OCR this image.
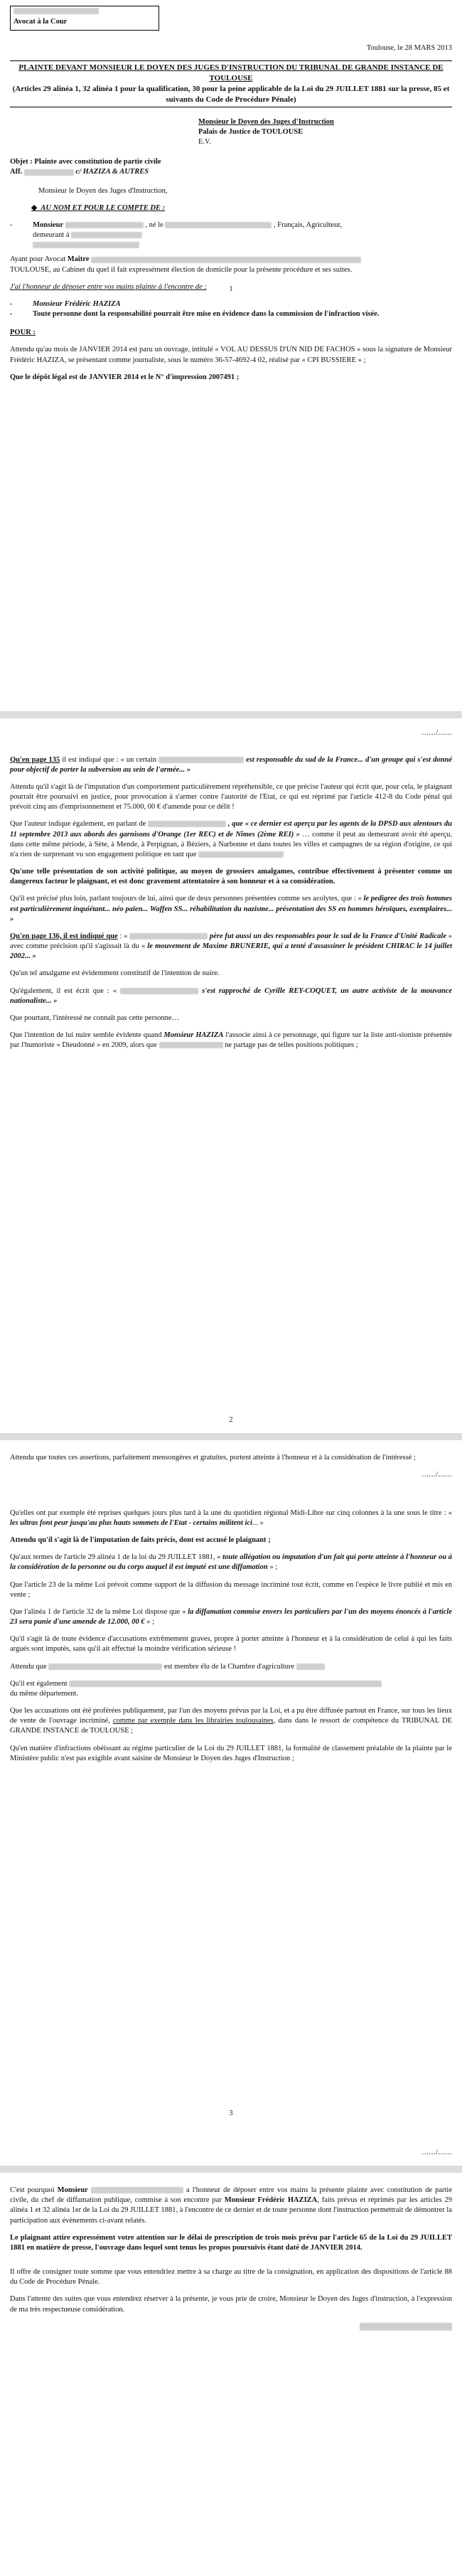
Avocat à la Cour

Toulouse, le 28 MARS 2013

PLAINTE DEVANT MONSIEUR LE DOYEN DES JUGES D'INSTRUCTION DU TRIBUNAL DE GRANDE INSTANCE DE TOULOUSE
(Articles 29 alinéa 1, 32 alinéa 1 pour la qualification, 30 pour la peine applicable de la Loi du 29 JUILLET 1881 sur la presse, 85 et suivants du Code de Procédure Pénale)
Monsieur le Doyen des Juges d'Instruction
Palais de Justice de TOULOUSE
E.V.
Objet : Plainte avec constitution de partie civile
Aff.	c/ HAZIZA & AUTRES

Monsieur le Doyen des Juges d'Instruction,

◆  AU NOM ET POUR LE COMPTE DE :

-	Monsieur	, né le	, Français, Agriculteur,
demeurant à

Ayant pour Avocat Maître
TOULOUSE, au Cabinet du quel il fait expressément élection de domicile pour la présente procédure et ses suites.

J'ai l'honneur de déposer entre vos mains plainte à l'encontre de :

-	Monsieur Frédéric HAZIZA
-	Toute personne dont la responsabilité pourrait être mise en évidence dans la commission de l'infraction visée.

POUR :

Attendu qu'au mois de JANVIER 2014 est paru un ouvrage, intitulé « VOL AU DESSUS D'UN NID DE FACHOS » sous la signature de Monsieur Frédéric HAZIZA, se présentant comme journaliste, sous le numéro 36-57-4692-4 02, réalisé par « CPI BUSSIERE » ;

Que le dépôt légal est de JANVIER 2014 et le N° d'impression 2007491 ;

1
……/……

Qu'en page 135 il est indiqué que : « un certain	est responsable du sud de la France... d'un groupe qui s'est donné pour objectif de porter la subversion au sein de l'armée... »

Attendu qu'il s'agit là de l'imputation d'un comportement particulièrement répréhensible, ce que précise l'auteur qui écrit que, pour cela, le plaignant pourrait être poursuivi en justice, pour provocation à s'armer contre l'autorité de l'Etat, ce qui est réprimé par l'article 412-8 du Code pénal qui prévoit cinq ans d'emprisonnement et 75.000, 00 € d'amende pour ce délit !

Que l'auteur indique également, en parlant de	, que « ce dernier est aperçu par les agents de la DPSD aux alentours du 11 septembre 2013 aux abords des garnisons d'Orange (1er REC) et de Nîmes (2ème REI) » … comme il peut au demeurant avoir été aperçu, dans cette même période, à Sète, à Mende, à Perpignan, à Béziers, à Narbonne et dans toutes les villes et campagnes de sa région d'origine, ce qui n'a rien de surprenant vu son engagement politique en tant que

Qu'une telle présentation de son activité politique, au moyen de grossiers amalgames, contribue effectivement à présenter comme un dangereux facteur le plaignant, et est donc gravement attentatoire à son honneur et à sa considération.

Qu'il est précisé plus loin, parlant toujours de lui, ainsi que de deux personnes présentées comme ses acolytes, que : « le pedigree des trois hommes est particulièrement inquiétant... néo païen... Waffen SS... réhabilitation du nazisme... présentation des SS en hommes héroïques, exemplaires... »

Qu'en page 136, il est indiqué que : «	père fut aussi un des responsables pour le sud de la France d'Unité Radicale » avec comme précision qu'il s'agissait là du « le mouvement de Maxime BRUNERIE, qui a tenté d'assassiner le président CHIRAC le 14 juillet 2002... »

Qu'un tel amalgame est évidemment constitutif de l'intention de nuire.

Qu'également, il est écrit que : «	s'est rapproché de Cyrille REY-COQUET, un autre activiste de la mouvance nationaliste... »

Que pourtant, l'intéressé ne connaît pas cette personne…

Que l'intention de lui nuire semble évidente quand Monsieur HAZIZA l'associe ainsi à ce personnage, qui figure sur la liste anti-sioniste présentée par l'humoriste « Dieudonné » en 2009, alors que	ne partage pas de telles positions politiques ;

2

Attendu que toutes ces assertions, parfaitement mensongères et gratuites, portent atteinte à l'honneur et à la considération de l'intéressé ;

……/……

Qu'elles ont par exemple été reprises quelques jours plus tard à la une du quotidien régional Midi-Libre sur cinq colonnes à la une sous le titre : « les ultras font peur jusqu'au plus hauts sommets de l'Etat - certains militent ici... »

Attendu qu'il s'agit là de l'imputation de faits précis, dont est accusé le plaignant ;

Qu'aux termes de l'article 29 alinéa 1 de la loi du 29 JUILLET 1881, « toute allégation ou imputation d'un fait qui porte atteinte à l'honneur ou à la considération de la personne ou du corps auquel il est imputé est une diffamation » ;

Que l'article 23 de la même Loi prévoit comme support de la diffusion du message incriminé tout écrit, comme en l'espèce le livre publié et mis en vente ;

Que l'alinéa 1 de l'article 32 de la même Loi dispose que « la diffamation commise envers les particuliers par l'un des moyens énoncés à l'article 23 sera punie d'une amende de 12.000, 00 € » ;

Qu'il s'agit là de toute évidence d'accusations extrêmement graves, propre à porter atteinte à l'honneur et à la considération de celui à qui les faits argués sont imputés, sans qu'il ait effectué la moindre vérification sérieuse !

Attendu que	est membre élu de la Chambre d'agriculture

Qu'il est également
du même département.

Que les accusations ont été proférées publiquement, par l'un des moyens prévus par la Loi, et a pu être diffusée partout en France, sur tous les lieux de vente de l'ouvrage incriminé, comme par exemple dans les librairies toulousaines, dans dans le ressort de compétence du TRIBUNAL DE GRANDE INSTANCE de TOULOUSE ;

Qu'en matière d'infractions obéissant au régime particulier de la Loi du 29 JUILLET 1881, la formalité de classement préalable de la plainte par le Ministère public n'est pas exigible avant saisine de Monsieur le Doyen des Juges d'Instruction ;

3
……/……

C'est pourquoi Monsieur	a l'honneur de déposer entre vos mains la présente plainte avec constitution de partie civile, du chef de diffamation publique, commise à son encontre par Monsieur Frédéric HAZIZA, faits prévus et réprimés par les articles 29 alinéa 1 et 32 alinéa 1er de la Loi du 29 JUILLET 1881, à l'encontre de ce dernier et de toute personne dont l'instruction permettrait de démontrer la participation aux évènements ci-avant relatés.

Le plaignant attire expressément votre attention sur le délai de prescription de trois mois prévu par l'article 65 de la Loi du 29 JUILLET 1881 en matière de presse, l'ouvrage dans lequel sont tenus les propos poursuivis étant daté de JANVIER 2014.

Il offre de consigner toute somme que vous entendriez mettre à sa charge au titre de la consignation, en application des dispositions de l'article 88 du Code de Procédure Pénale.

Dans l'attente des suites que vous entendrez réserver à la présente, je vous prie de croire, Monsieur le Doyen des Juges d'instruction, à l'expression de ma très respectueuse considération.
